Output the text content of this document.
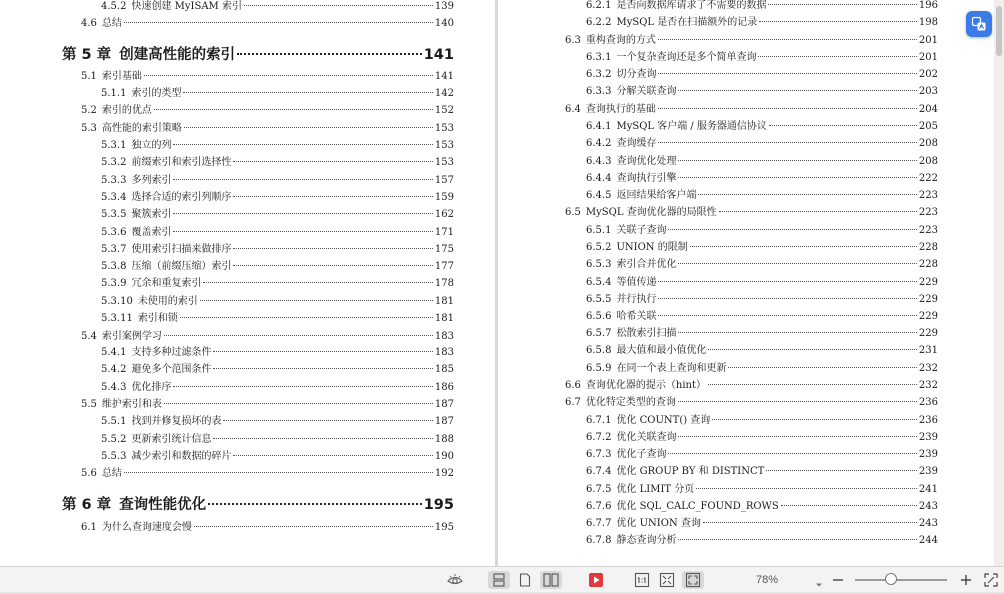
4.5.2 快速创建 MyISAM 索引	139
4.6 总结	140
第 5 章 创建高性能的索引	141
5.1 索引基础	141
5.1.1 索引的类型	142
5.2 索引的优点	152
5.3 高性能的索引策略	153
5.3.1 独立的列	153
5.3.2 前缀索引和索引选择性	153
5.3.3 多列索引	157
5.3.4 选择合适的索引列顺序	159
5.3.5 聚簇索引	162
5.3.6 覆盖索引	171
5.3.7 使用索引扫描来做排序	175
5.3.8 压缩（前缀压缩）索引	177
5.3.9 冗余和重复索引	178
5.3.10 未使用的索引	181
5.3.11 索引和锁	181
5.4 索引案例学习	183
5.4.1 支持多种过滤条件	183
5.4.2 避免多个范围条件	185
5.4.3 优化排序	186
5.5 维护索引和表	187
5.5.1 找到并修复损坏的表	187
5.5.2 更新索引统计信息	188
5.5.3 减少索引和数据的碎片	190
5.6 总结	192
第 6 章 查询性能优化	195
6.1 为什么查询速度会慢	195
6.2.1 是否向数据库请求了不需要的数据	196
6.2.2 MySQL 是否在扫描额外的记录	198
6.3 重构查询的方式	201
6.3.1 一个复杂查询还是多个简单查询	201
6.3.2 切分查询	202
6.3.3 分解关联查询	203
6.4 查询执行的基础	204
6.4.1 MySQL 客户端 / 服务器通信协议	205
6.4.2 查询缓存	208
6.4.3 查询优化处理	208
6.4.4 查询执行引擎	222
6.4.5 返回结果给客户端	223
6.5 MySQL 查询优化器的局限性	223
6.5.1 关联子查询	223
6.5.2 UNION 的限制	228
6.5.3 索引合并优化	228
6.5.4 等值传递	229
6.5.5 并行执行	229
6.5.6 哈希关联	229
6.5.7 松散索引扫描	229
6.5.8 最大值和最小值优化	231
6.5.9 在同一个表上查询和更新	232
6.6 查询优化器的提示（hint）	232
6.7 优化特定类型的查询	236
6.7.1 优化 COUNT() 查询	236
6.7.2 优化关联查询	239
6.7.3 优化子查询	239
6.7.4 优化 GROUP BY 和 DISTINCT	239
6.7.5 优化 LIMIT 分页	241
6.7.6 优化 SQL_CALC_FOUND_ROWS	243
6.7.7 优化 UNION 查询	243
6.7.8 静态查询分析	244
78%
